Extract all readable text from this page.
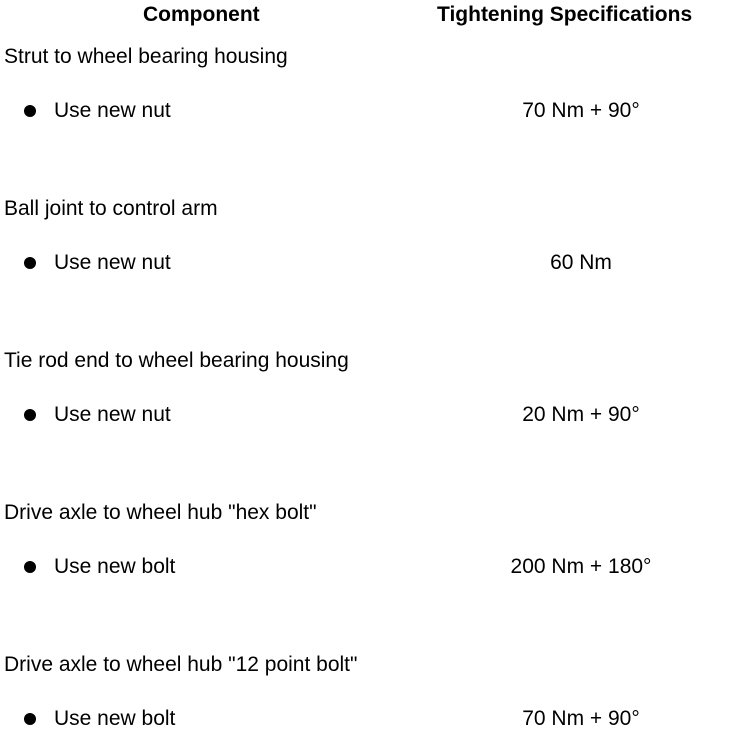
Component	Tightening Specifications
Strut to wheel bearing housing
Use new nut	70 Nm + 90°
Ball joint to control arm
Use new nut	60 Nm
Tie rod end to wheel bearing housing
Use new nut	20 Nm + 90°
Drive axle to wheel hub "hex bolt"
Use new bolt	200 Nm + 180°
Drive axle to wheel hub "12 point bolt"
Use new bolt	70 Nm + 90°
